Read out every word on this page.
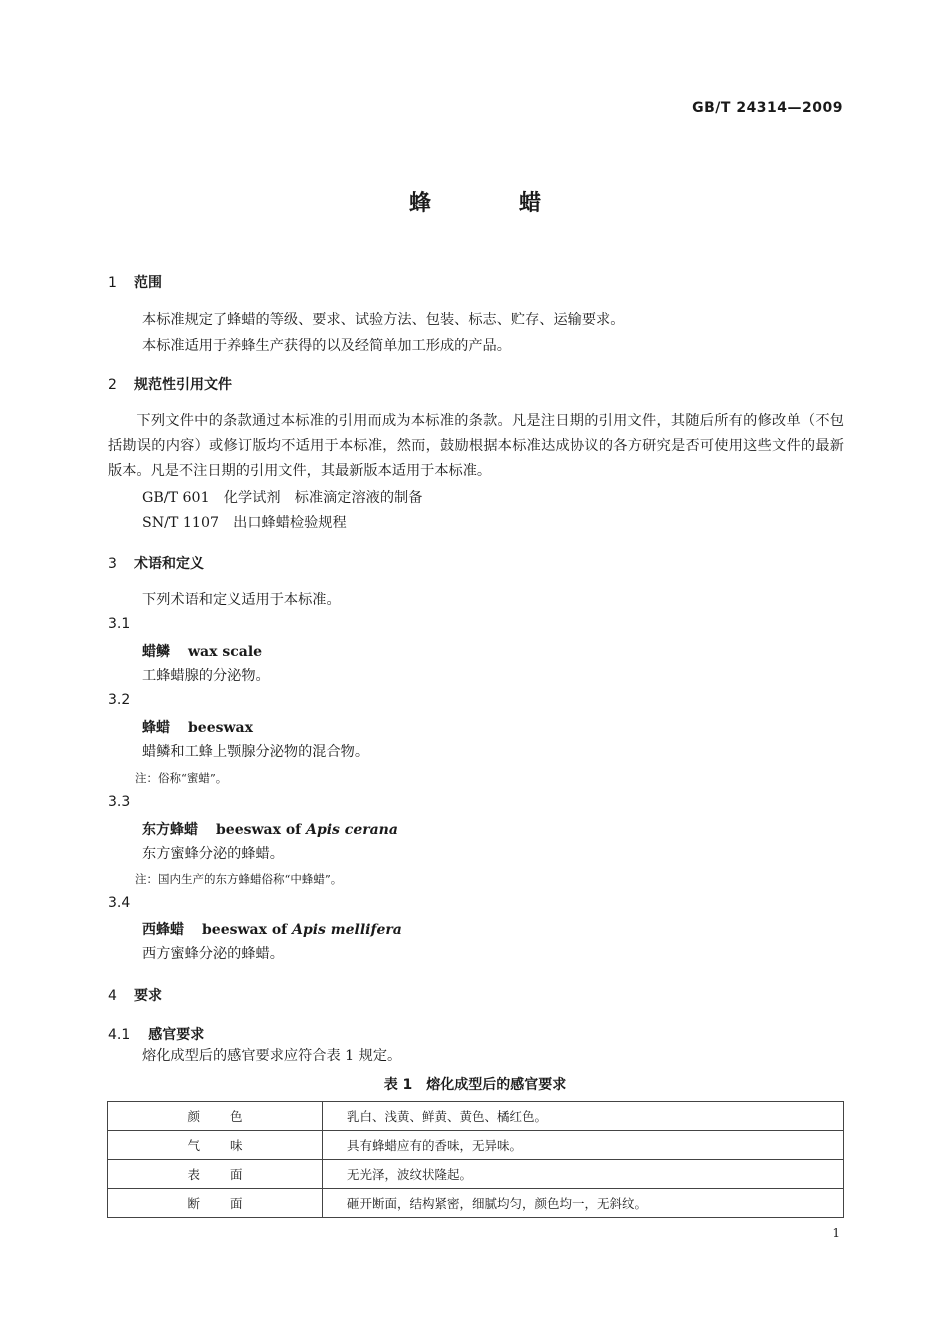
GB/T 24314—2009
蜂　　　　蜡
1 范围
本标准规定了蜂蜡的等级、要求、试验方法、包装、标志、贮存、运输要求。
本标准适用于养蜂生产获得的以及经简单加工形成的产品。
2 规范性引用文件
下列文件中的条款通过本标准的引用而成为本标准的条款。凡是注日期的引用文件，其随后所有的修改单（不包括勘误的内容）或修订版均不适用于本标准，然而，鼓励根据本标准达成协议的各方研究是否可使用这些文件的最新版本。凡是不注日期的引用文件，其最新版本适用于本标准。
GB/T 601　化学试剂　标准滴定溶液的制备
SN/T 1107　出口蜂蜡检验规程
3 术语和定义
下列术语和定义适用于本标准。
3.1
蜡鳞 wax scale
工蜂蜡腺的分泌物。
3.2
蜂蜡 beeswax
蜡鳞和工蜂上颚腺分泌物的混合物。
注：俗称“蜜蜡”。
3.3
东方蜂蜡 beeswax of Apis cerana
东方蜜蜂分泌的蜂蜡。
注：国内生产的东方蜂蜡俗称“中蜂蜡”。
3.4
西蜂蜡 beeswax of Apis mellifera
西方蜜蜂分泌的蜂蜡。
4 要求
4.1 感官要求
熔化成型后的感官要求应符合表 1 规定。
表 1　熔化成型后的感官要求
颜色	乳白、浅黄、鲜黄、黄色、橘红色。
气味	具有蜂蜡应有的香味，无异味。
表面	无光泽，波纹状隆起。
断面	砸开断面，结构紧密，细腻均匀，颜色均一，无斜纹。
1
